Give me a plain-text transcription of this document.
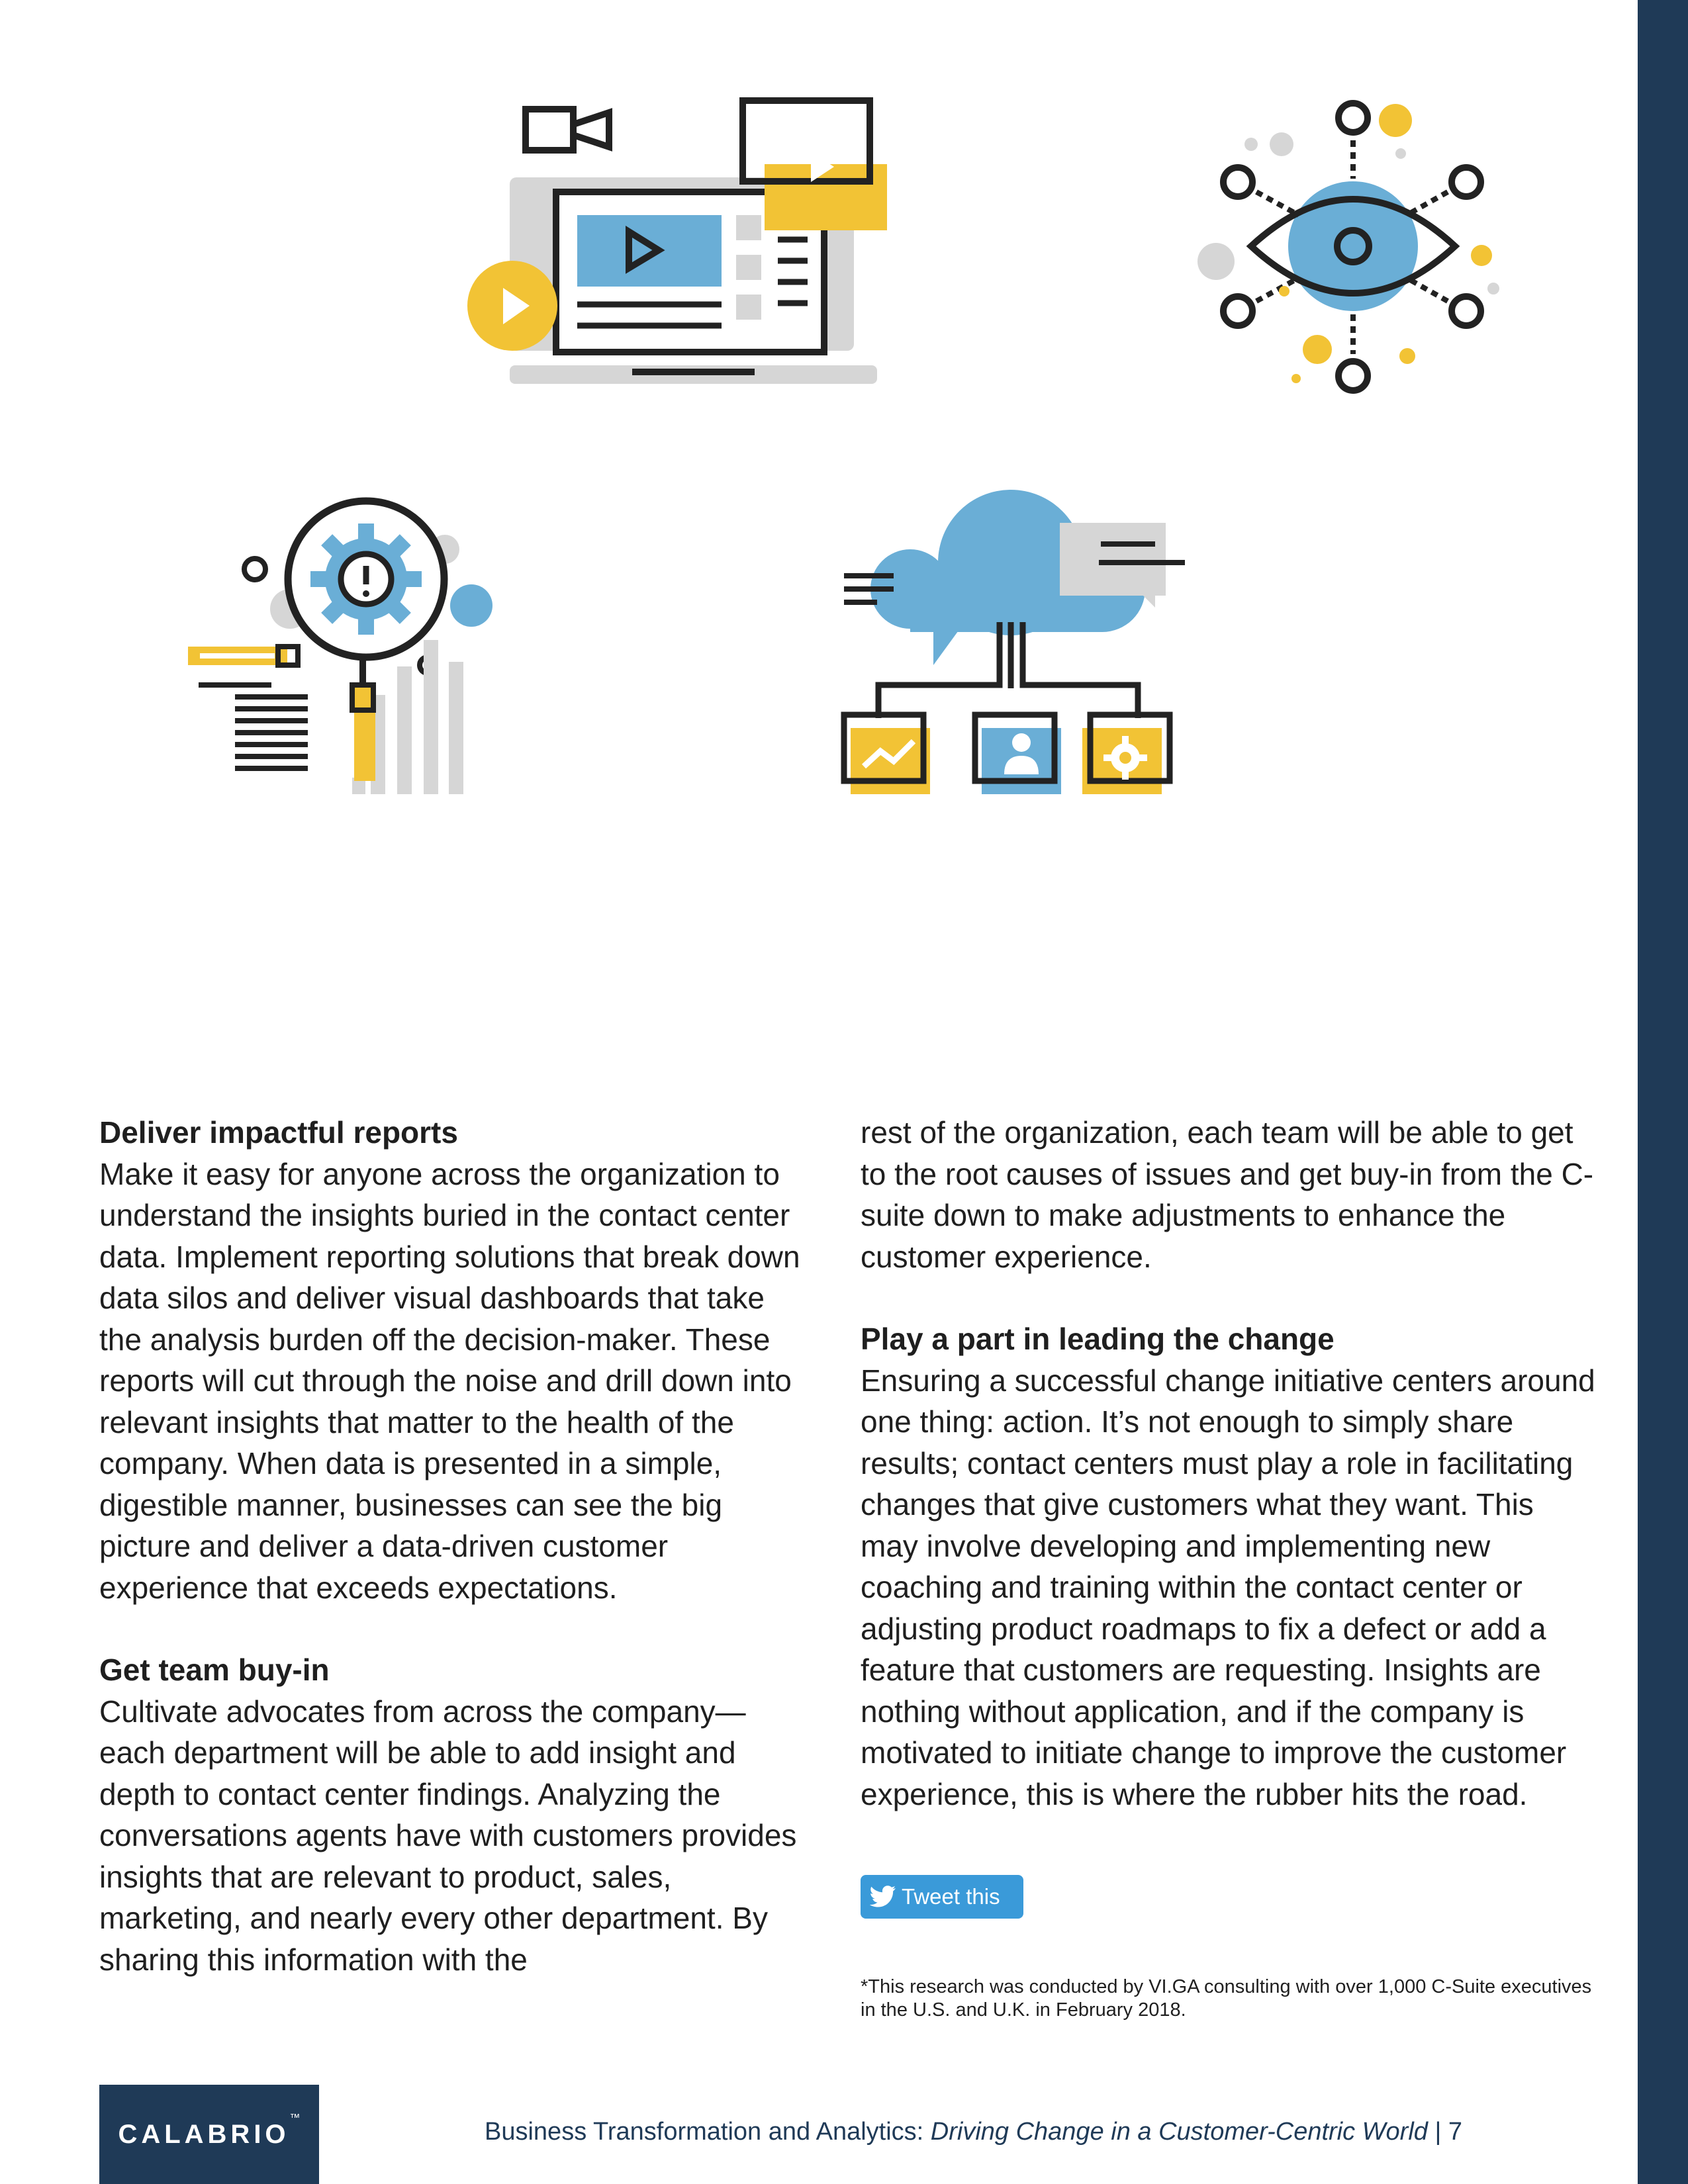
Deliver impactful reports

Make it easy for anyone across the organization to understand the insights buried in the contact center data. Implement reporting solutions that break down data silos and deliver visual dashboards that take the analysis burden off the decision-maker. These reports will cut through the noise and drill down into relevant insights that matter to the health of the company. When data is presented in a simple, digestible manner, businesses can see the big picture and deliver a data-driven customer experience that exceeds expectations.

Get team buy-in

Cultivate advocates from across the company—each department will be able to add insight and depth to contact center findings. Analyzing the conversations agents have with customers provides insights that are relevant to product, sales, marketing, and nearly every other department. By sharing this information with the

rest of the organization, each team will be able to get to the root causes of issues and get buy-in from the C-suite down to make adjustments to enhance the customer experience.

Play a part in leading the change

Ensuring a successful change initiative centers around one thing: action. It’s not enough to simply share results; contact centers must play a role in facilitating changes that give customers what they want. This may involve developing and implementing new coaching and training within the contact center or adjusting product roadmaps to fix a defect or add a feature that customers are requesting. Insights are nothing without application, and if the company is motivated to initiate change to improve the customer experience, this is where the rubber hits the road.

Tweet this
*This research was conducted by VI.GA consulting with over 1,000 C-Suite executives in the U.S. and U.K. in February 2018.
CALABRIO
™	Business Transformation and Analytics: Driving Change in a Customer-Centric World | 7
